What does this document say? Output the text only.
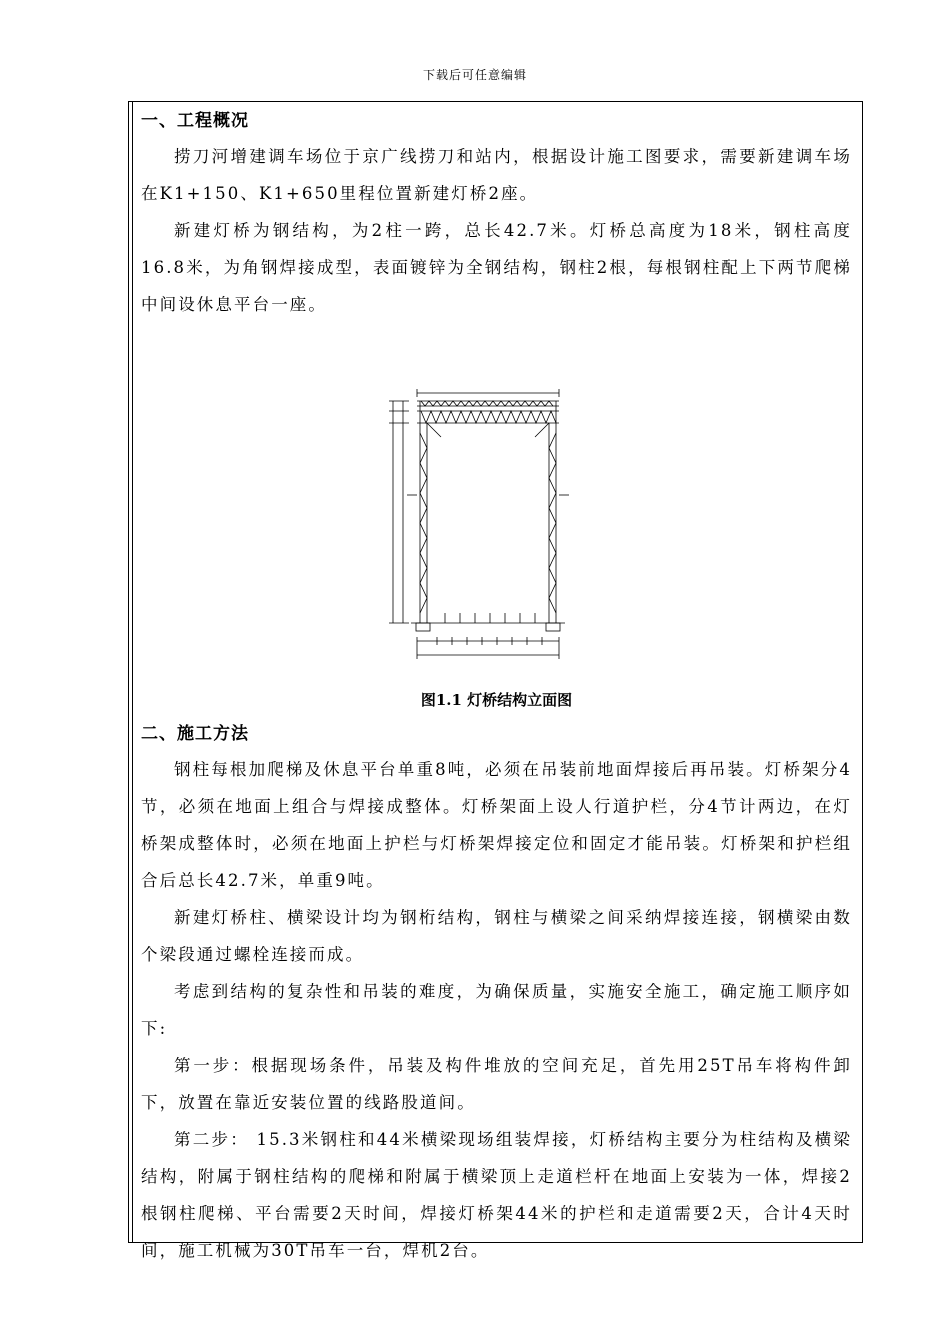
下载后可任意编辑
一、工程概况

捞刀河增建调车场位于京广线捞刀和站内，根据设计施工图要求，需要新建调车场在K1+150、K1+650里程位置新建灯桥2座。

新建灯桥为钢结构，为2柱一跨，总长42.7米。灯桥总高度为18米，钢柱高度16.8米，为角钢焊接成型，表面镀锌为全钢结构，钢柱2根，每根钢柱配上下两节爬梯中间设休息平台一座。

图1.1 灯桥结构立面图
二、施工方法

钢柱每根加爬梯及休息平台单重8吨，必须在吊装前地面焊接后再吊装。灯桥架分4节，必须在地面上组合与焊接成整体。灯桥架面上设人行道护栏，分4节计两边，在灯桥架成整体时，必须在地面上护栏与灯桥架焊接定位和固定才能吊装。灯桥架和护栏组合后总长42.7米，单重9吨。

新建灯桥柱、横梁设计均为钢桁结构，钢柱与横梁之间采纳焊接连接，钢横梁由数个梁段通过螺栓连接而成。

考虑到结构的复杂性和吊装的难度，为确保质量，实施安全施工，确定施工顺序如下:

第一步：根据现场条件，吊装及构件堆放的空间充足，首先用25T吊车将构件卸下，放置在靠近安装位置的线路股道间。

第二步： 15.3米钢柱和44米横梁现场组装焊接，灯桥结构主要分为柱结构及横梁结构，附属于钢柱结构的爬梯和附属于横梁顶上走道栏杆在地面上安装为一体，焊接2根钢柱爬梯、平台需要2天时间，焊接灯桥架44米的护栏和走道需要2天，合计4天时间，施工机械为30T吊车一台，焊机2台。
